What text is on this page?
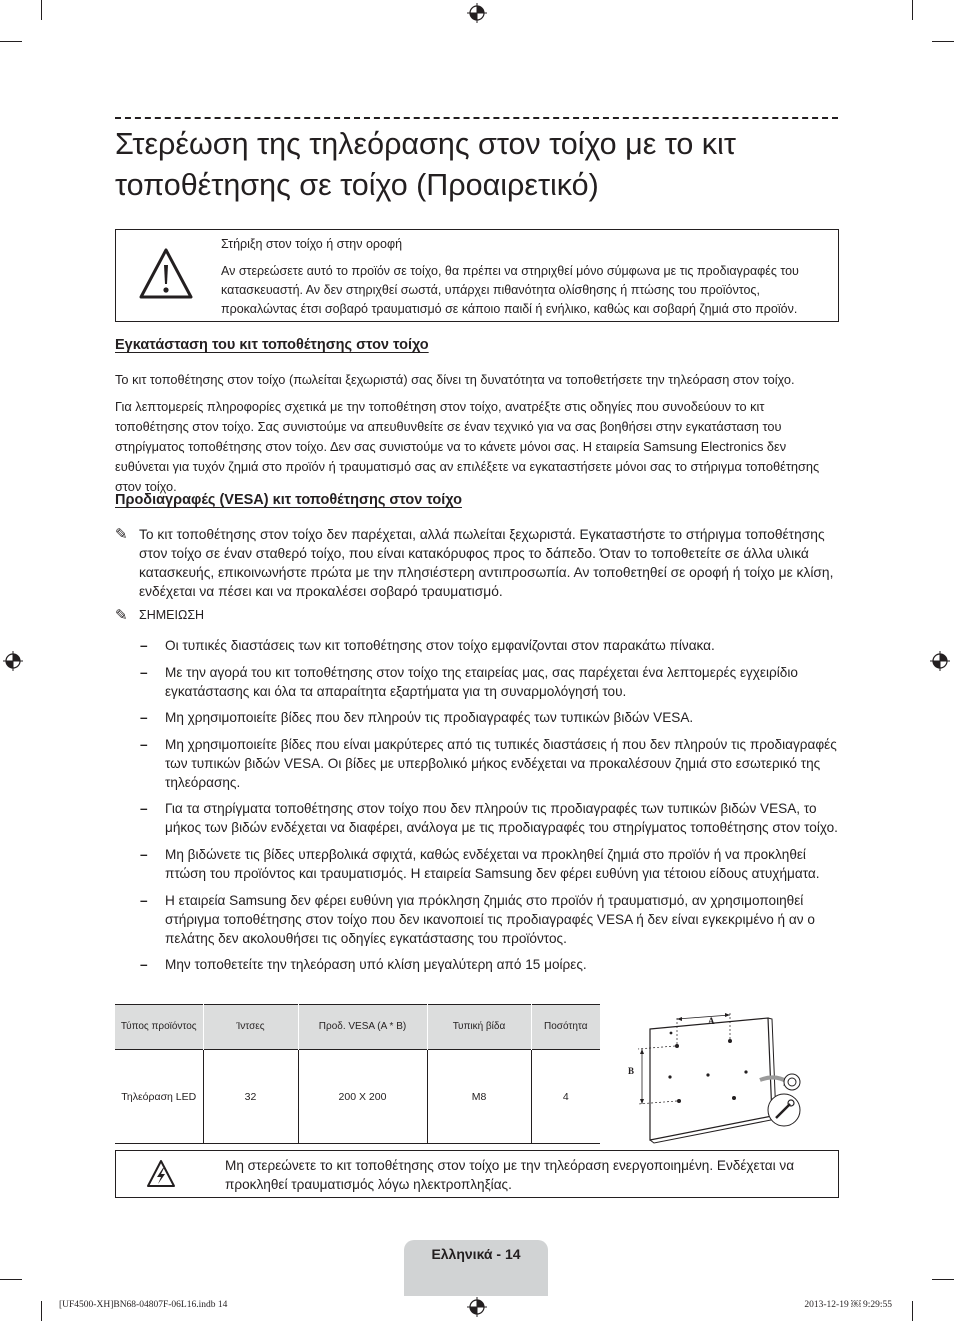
Στερέωση της τηλεόρασης στον τοίχο με το κιτ τοποθέτησης σε τοίχο (Προαιρετικό)
Στήριξη στον τοίχο ή στην οροφή
Αν στερεώσετε αυτό το προϊόν σε τοίχο, θα πρέπει να στηριχθεί μόνο σύμφωνα με τις προδιαγραφές του κατασκευαστή. Αν δεν στηριχθεί σωστά, υπάρχει πιθανότητα ολίσθησης ή πτώσης του προϊόντος, προκαλώντας έτσι σοβαρό τραυματισμό σε κάποιο παιδί ή ενήλικο, καθώς και σοβαρή ζημιά στο προϊόν.
Εγκατάσταση του κιτ τοποθέτησης στον τοίχο
Το κιτ τοποθέτησης στον τοίχο (πωλείται ξεχωριστά) σας δίνει τη δυνατότητα να τοποθετήσετε την τηλεόραση στον τοίχο.
Για λεπτομερείς πληροφορίες σχετικά με την τοποθέτηση στον τοίχο, ανατρέξτε στις οδηγίες που συνοδεύουν το κιτ τοποθέτησης στον τοίχο. Σας συνιστούμε να απευθυνθείτε σε έναν τεχνικό για να σας βοηθήσει στην εγκατάσταση του στηρίγματος τοποθέτησης στον τοίχο. Δεν σας συνιστούμε να το κάνετε μόνοι σας. Η εταιρεία Samsung Electronics δεν ευθύνεται για τυχόν ζημιά στο προϊόν ή τραυματισμό σας αν επιλέξετε να εγκαταστήσετε μόνοι σας το στήριγμα τοποθέτησης στον τοίχο.
Προδιαγραφές (VESA) κιτ τοποθέτησης στον τοίχο
✎ Το κιτ τοποθέτησης στον τοίχο δεν παρέχεται, αλλά πωλείται ξεχωριστά. Εγκαταστήστε το στήριγμα τοποθέτησης στον τοίχο σε έναν σταθερό τοίχο, που είναι κατακόρυφος προς το δάπεδο. Όταν το τοποθετείτε σε άλλα υλικά κατασκευής, επικοινωνήστε πρώτα με την πλησιέστερη αντιπροσωπία. Αν τοποθετηθεί σε οροφή ή τοίχο με κλίση, ενδέχεται να πέσει και να προκαλέσει σοβαρό τραυματισμό.
✎ ΣΗΜΕΙΩΣΗ
– Οι τυπικές διαστάσεις των κιτ τοποθέτησης στον τοίχο εμφανίζονται στον παρακάτω πίνακα.
– Με την αγορά του κιτ τοποθέτησης στον τοίχο της εταιρείας μας, σας παρέχεται ένα λεπτομερές εγχειρίδιο εγκατάστασης και όλα τα απαραίτητα εξαρτήματα για τη συναρμολόγησή του.
– Μη χρησιμοποιείτε βίδες που δεν πληρούν τις προδιαγραφές των τυπικών βιδών VESA.
– Μη χρησιμοποιείτε βίδες που είναι μακρύτερες από τις τυπικές διαστάσεις ή που δεν πληρούν τις προδιαγραφές των τυπικών βιδών VESA. Οι βίδες με υπερβολικό μήκος ενδέχεται να προκαλέσουν ζημιά στο εσωτερικό της τηλεόρασης.
– Για τα στηρίγματα τοποθέτησης στον τοίχο που δεν πληρούν τις προδιαγραφές των τυπικών βιδών VESA, το μήκος των βιδών ενδέχεται να διαφέρει, ανάλογα με τις προδιαγραφές του στηρίγματος τοποθέτησης στον τοίχο.
– Μη βιδώνετε τις βίδες υπερβολικά σφιχτά, καθώς ενδέχεται να προκληθεί ζημιά στο προϊόν ή να προκληθεί πτώση του προϊόντος και τραυματισμός. Η εταιρεία Samsung δεν φέρει ευθύνη για τέτοιου είδους ατυχήματα.
– Η εταιρεία Samsung δεν φέρει ευθύνη για πρόκληση ζημιάς στο προϊόν ή τραυματισμό, αν χρησιμοποιηθεί στήριγμα τοποθέτησης στον τοίχο που δεν ικανοποιεί τις προδιαγραφές VESA ή δεν είναι εγκεκριμένο ή αν ο πελάτης δεν ακολουθήσει τις οδηγίες εγκατάστασης του προϊόντος.
– Μην τοποθετείτε την τηλεόραση υπό κλίση μεγαλύτερη από 15 μοίρες.
Τύπος προϊόντος	Ίντσες	Προδ. VESA (A * B)	Τυπική βίδα	Ποσότητα
Τηλεόραση LED	32	200 X 200	M8	4
A
B
Μη στερεώνετε το κιτ τοποθέτησης στον τοίχο με την τηλεόραση ενεργοποιημένη. Ενδέχεται να προκληθεί τραυματισμός λόγω ηλεκτροπληξίας.
Ελληνικά - 14
[UF4500-XH]BN68-04807F-06L16.indb 14	2013-12-19 ￼ 9:29:55
